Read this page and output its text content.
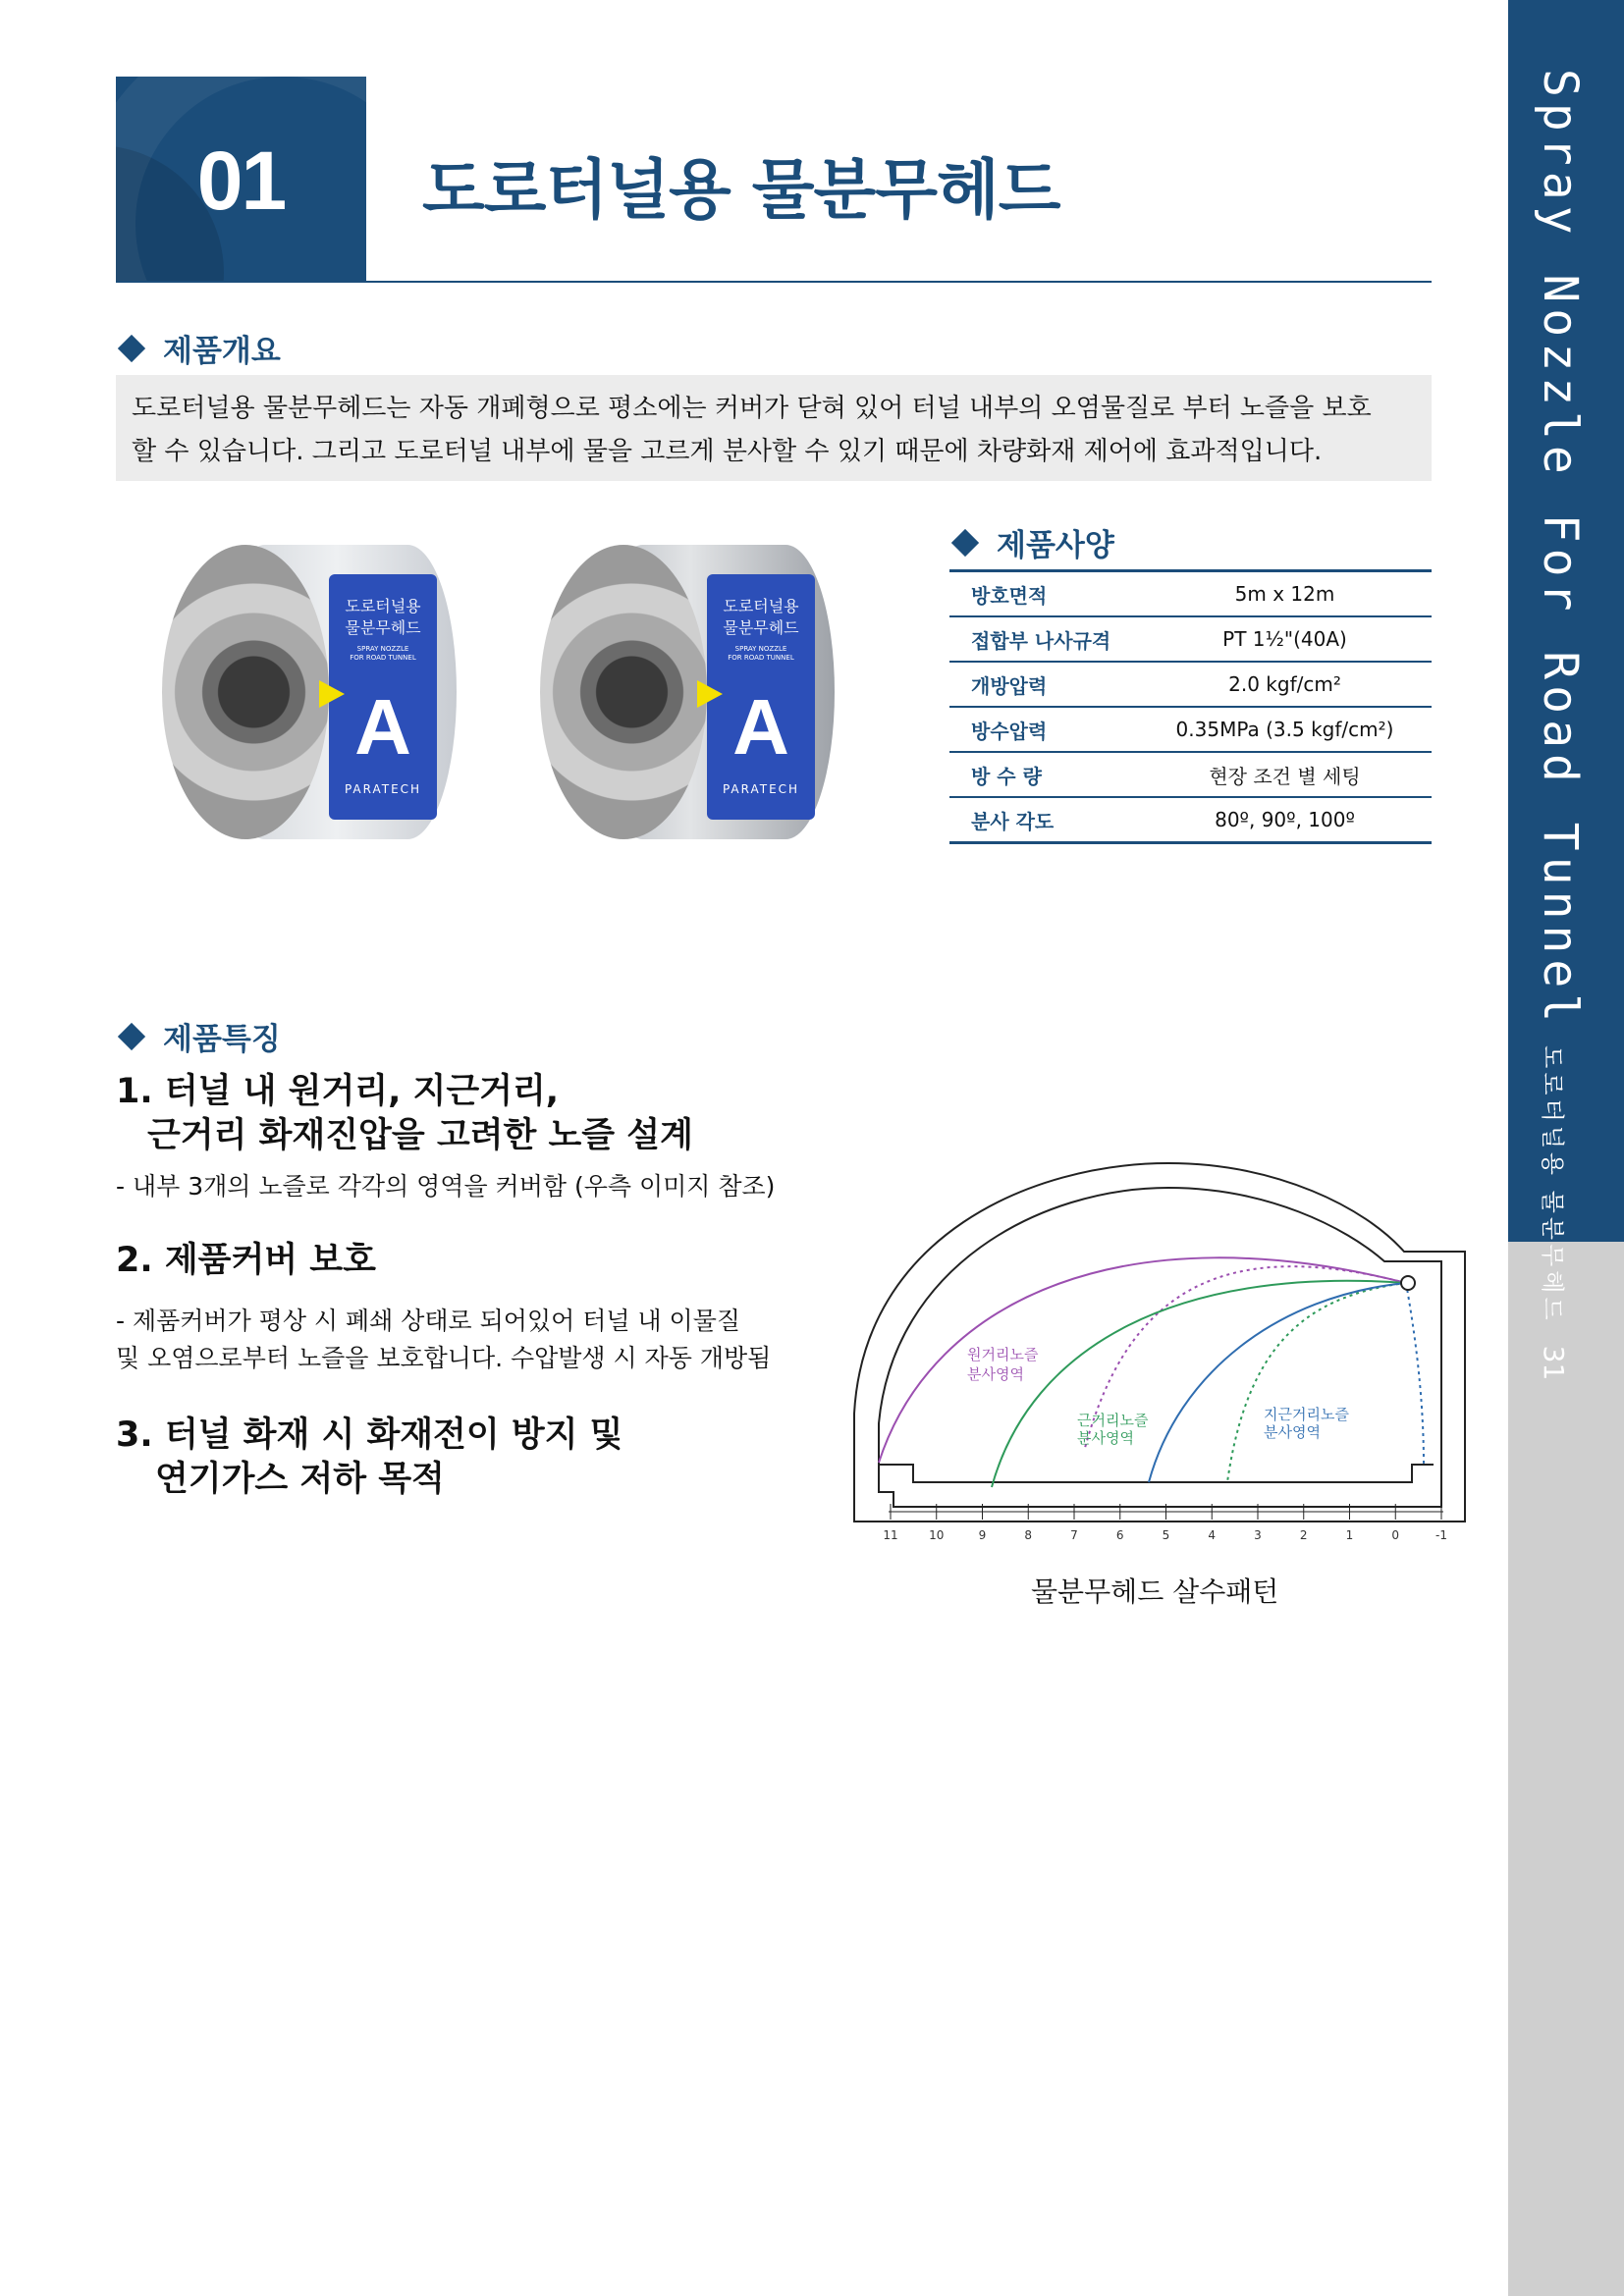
Spray Nozzle For Road Tunnel
도로터널용 물분무헤드
31
01	도로터널용 물분무헤드
제품개요
도로터널용 물분무헤드는 자동 개폐형으로 평소에는 커버가 닫혀 있어 터널 내부의 오염물질로 부터 노즐을 보호
할 수 있습니다. 그리고 도로터널 내부에 물을 고르게 분사할 수 있기 때문에 차량화재 제어에 효과적입니다.
도로터널용
물분무헤드
SPRAY NOZZLE
FOR ROAD TUNNEL
A
PARATECH
도로터널용
물분무헤드
SPRAY NOZZLE
FOR ROAD TUNNEL
A
PARATECH
제품사양
방호면적	5m x 12m
접합부 나사규격	PT 1½"(40A)
개방압력	2.0 kgf/cm²
방수압력	0.35MPa (3.5 kgf/cm²)
방 수 량	현장 조건 별 세팅
분사 각도	80º, 90º, 100º
제품특징
1. 터널 내 원거리, 지근거리,
근거리 화재진압을 고려한 노즐 설계
- 내부 3개의 노즐로 각각의 영역을 커버함 (우측 이미지 참조)
2. 제품커버 보호
- 제품커버가 평상 시 폐쇄 상태로 되어있어 터널 내 이물질
및 오염으로부터 노즐을 보호합니다. 수압발생 시 자동 개방됨
3. 터널 화재 시 화재전이 방지 및
연기가스 저하 목적
원거리노즐
분사영역
근거리노즐
분사영역
지근거리노즐
분사영역
11	10	9	8	7	6	5	4	3	2	1	0	-1
물분무헤드 살수패턴
